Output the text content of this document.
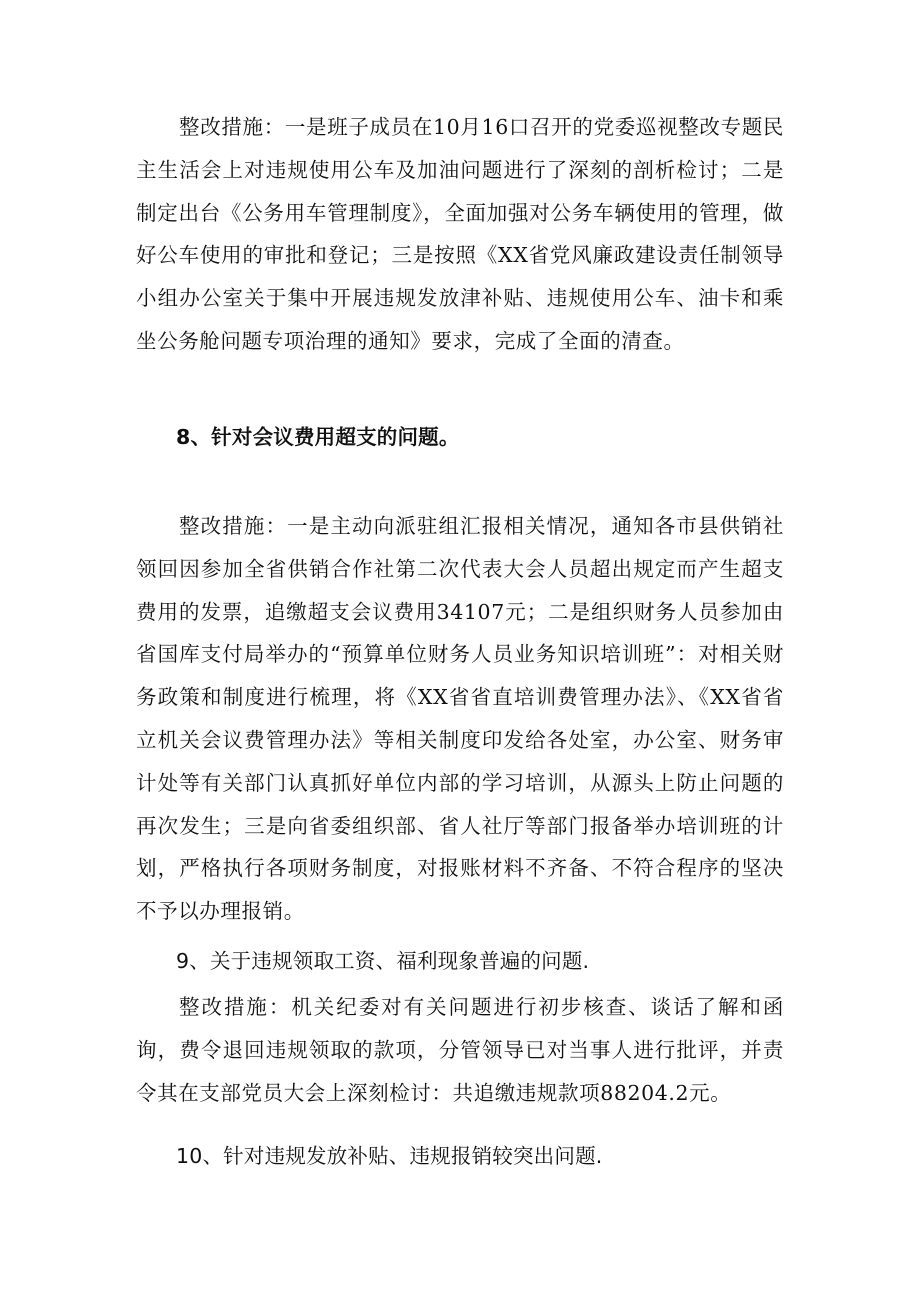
整改措施：一是班子成员在10月16口召开的党委巡视整改专题民主生活会上对违规使用公车及加油问题进行了深刻的剖析检讨；二是制定出台《公务用车管理制度》，全面加强对公务车辆使用的管理，做好公车使用的审批和登记；三是按照《XX省党风廉政建设责任制领导小组办公室关于集中开展违规发放津补贴、违规使用公车、油卡和乘坐公务舱问题专项治理的通知》要求，完成了全面的清查。

8、针对会议费用超支的问题。

整改措施：一是主动向派驻组汇报相关情况，通知各市县供销社领回因参加全省供销合作社第二次代表大会人员超出规定而产生超支费用的发票，追缴超支会议费用34107元；二是组织财务人员参加由省国库支付局举办的“预算单位财务人员业务知识培训班”：对相关财务政策和制度进行梳理，将《XX省省直培训费管理办法》、《XX省省立机关会议费管理办法》等相关制度印发给各处室，办公室、财务审计处等有关部门认真抓好单位内部的学习培训，从源头上防止问题的再次发生；三是向省委组织部、省人社厅等部门报备举办培训班的计划，严格执行各项财务制度，对报账材料不齐备、不符合程序的坚决不予以办理报销。

9、关于违规领取工资、福利现象普遍的问题.

整改措施：机关纪委对有关问题进行初步核查、谈话了解和函询，费令退回违规领取的款项，分管领导已对当事人进行批评，并责令其在支部党员大会上深刻检讨：共追缴违规款项88204.2元。

10、针对违规发放补贴、违规报销较突出问题.
